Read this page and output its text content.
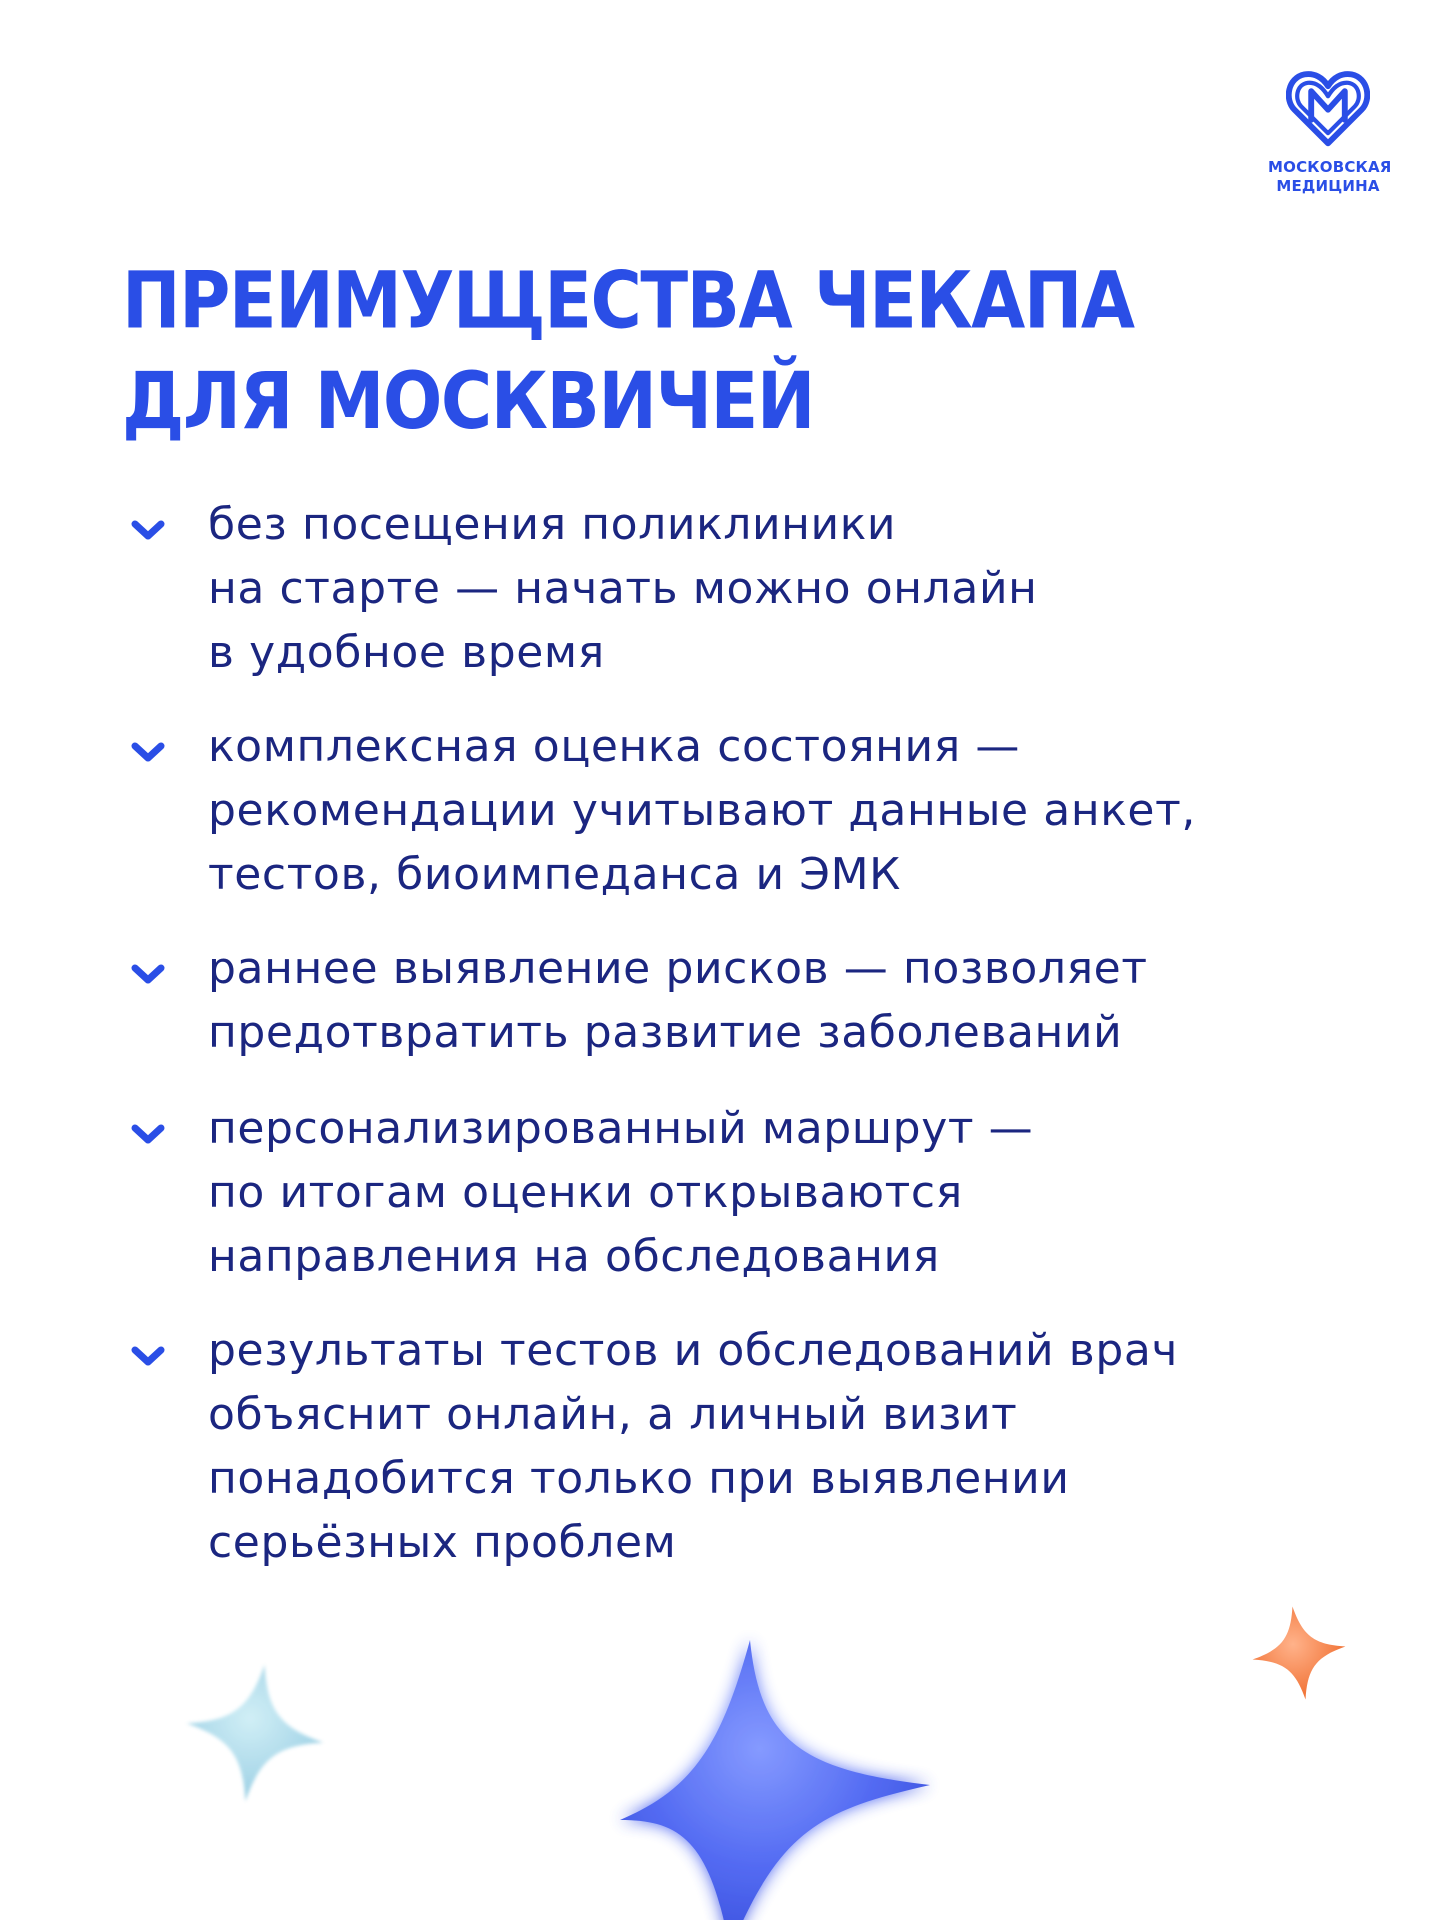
МОСКОВСКАЯ
МЕДИЦИНА
ПРЕИМУЩЕСТВА ЧЕКАПА
ДЛЯ МОСКВИЧЕЙ
без посещения поликлиники
на старте — начать можно онлайн
в удобное время
комплексная оценка состояния —
рекомендации учитывают данные анкет,
тестов, биоимпеданса и ЭМК
раннее выявление рисков — позволяет
предотвратить развитие заболеваний
персонализированный маршрут —
по итогам оценки открываются
направления на обследования
результаты тестов и обследований врач
объяснит онлайн, а личный визит
понадобится только при выявлении
серьёзных проблем
